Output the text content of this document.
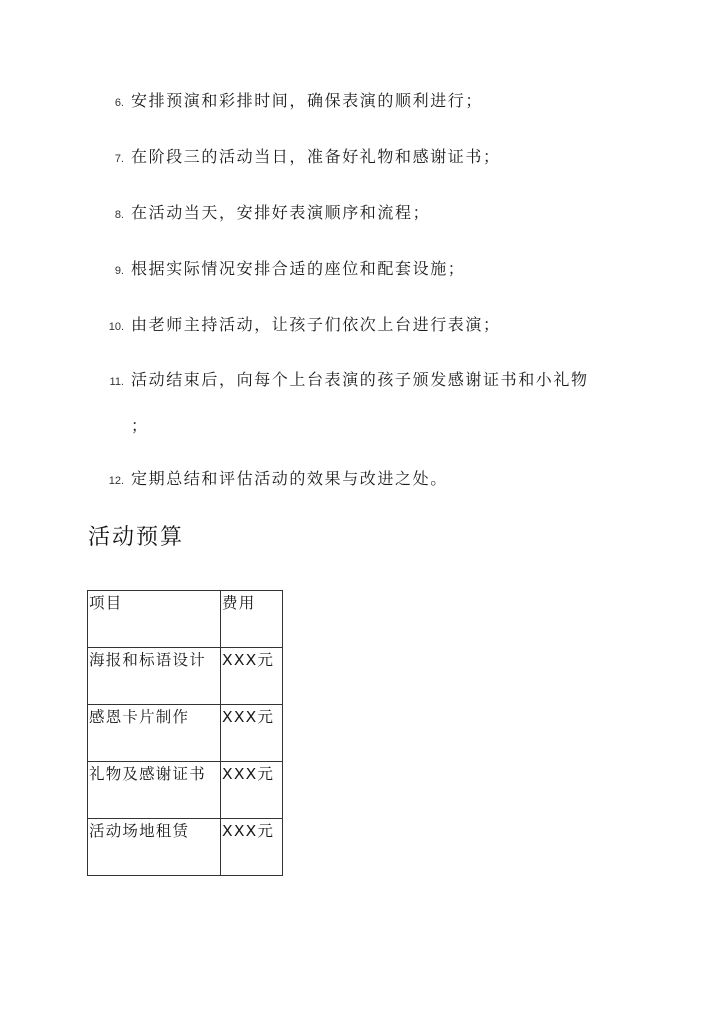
6. 安排预演和彩排时间，确保表演的顺利进行；
7. 在阶段三的活动当日，准备好礼物和感谢证书；
8. 在活动当天，安排好表演顺序和流程；
9. 根据实际情况安排合适的座位和配套设施；
10. 由老师主持活动，让孩子们依次上台进行表演；
11. 活动结束后，向每个上台表演的孩子颁发感谢证书和小礼物
；
12. 定期总结和评估活动的效果与改进之处。
活动预算
项目	费用

海报和标语设计	XXX元

感恩卡片制作	XXX元

礼物及感谢证书	XXX元

活动场地租赁	XXX元
